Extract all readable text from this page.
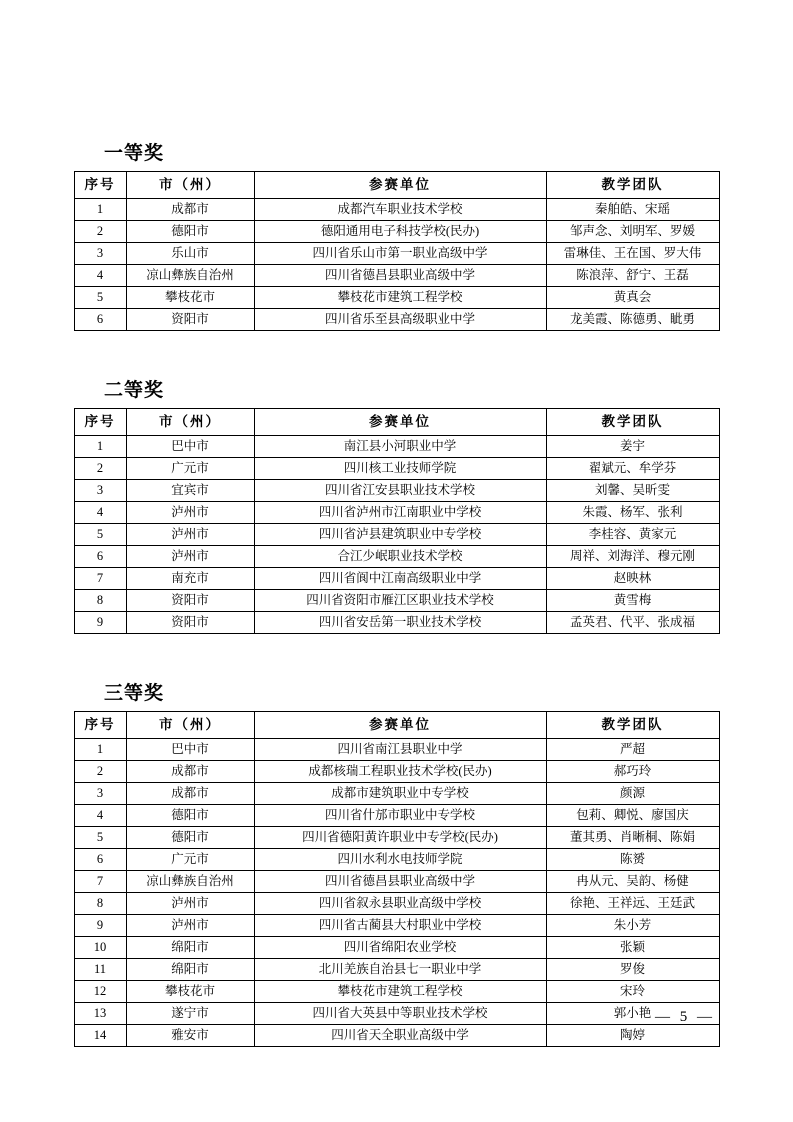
一等奖
序号	市（州）	参赛单位	教学团队
1	成都市	成都汽车职业技术学校	秦舶皓、宋瑶
2	德阳市	德阳通用电子科技学校(民办)	邹声念、刘明军、罗媛
3	乐山市	四川省乐山市第一职业高级中学	雷琳佳、王在国、罗大伟
4	凉山彝族自治州	四川省德昌县职业高级中学	陈浪萍、舒宁、王磊
5	攀枝花市	攀枝花市建筑工程学校	黄真会
6	资阳市	四川省乐至县高级职业中学	龙美霞、陈德勇、眦勇
二等奖
序号	市（州）	参赛单位	教学团队
1	巴中市	南江县小河职业中学	姜宇
2	广元市	四川核工业技师学院	翟斌元、牟学芬
3	宜宾市	四川省江安县职业技术学校	刘馨、吴昕雯
4	泸州市	四川省泸州市江南职业中学校	朱霞、杨军、张利
5	泸州市	四川省泸县建筑职业中专学校	李桂容、黄家元
6	泸州市	合江少岷职业技术学校	周祥、刘海洋、穆元刚
7	南充市	四川省阆中江南高级职业中学	赵映林
8	资阳市	四川省资阳市雁江区职业技术学校	黄雪梅
9	资阳市	四川省安岳第一职业技术学校	孟英君、代平、张成福
三等奖
序号	市（州）	参赛单位	教学团队
1	巴中市	四川省南江县职业中学	严超
2	成都市	成都核瑞工程职业技术学校(民办)	郝巧玲
3	成都市	成都市建筑职业中专学校	颜源
4	德阳市	四川省什邡市职业中专学校	包莉、卿悦、廖国庆
5	德阳市	四川省德阳黄许职业中专学校(民办)	董其勇、肖晰桐、陈娟
6	广元市	四川水利水电技师学院	陈赟
7	凉山彝族自治州	四川省德昌县职业高级中学	冉从元、吴韵、杨健
8	泸州市	四川省叙永县职业高级中学校	徐艳、王祥远、王廷武
9	泸州市	四川省古蔺县大村职业中学校	朱小芳
10	绵阳市	四川省绵阳农业学校	张颖
11	绵阳市	北川羌族自治县七一职业中学	罗俊
12	攀枝花市	攀枝花市建筑工程学校	宋玲
13	遂宁市	四川省大英县中等职业技术学校	郭小艳
14	雅安市	四川省天全职业高级中学	陶婷
— 5 —
